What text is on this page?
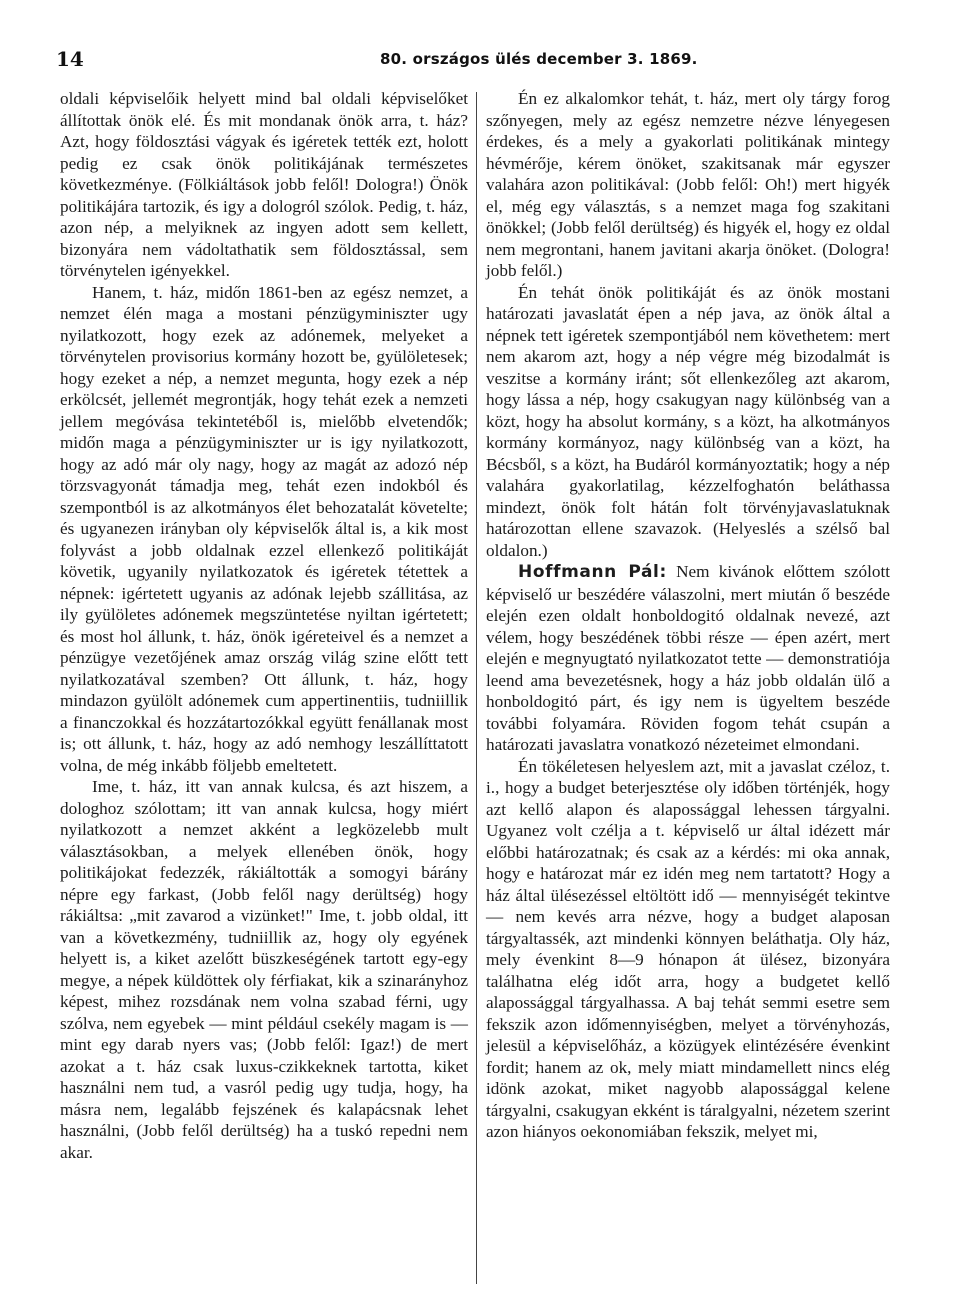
14	80. országos ülés december 3. 1869.

oldali képviselőik helyett mind bal oldali képviselőket állítottak önök elé. És mit mondanak önök arra, t. ház? Azt, hogy földosztási vágyak és igéretek tették ezt, holott pedig ez csak önök politikájának természetes következménye. (Fölkiáltások jobb felől! Dologra!) Önök politikájára tartozik, és igy a dologról szólok. Pedig, t. ház, azon nép, a melyiknek az ingyen adott sem kellett, bizonyára nem vádoltathatik sem földosztással, sem törvénytelen igényekkel.

Hanem, t. ház, midőn 1861-ben az egész nemzet, a nemzet élén maga a mostani pénzügyminiszter ugy nyilatkozott, hogy ezek az adónemek, melyeket a törvénytelen provisorius kormány hozott be, gyülöletesek; hogy ezeket a nép, a nemzet megunta, hogy ezek a nép erkölcsét, jellemét megrontják, hogy tehát ezek a nemzeti jellem megóvása tekintetéből is, mielőbb elvetendők; midőn maga a pénzügyminiszter ur is igy nyilatkozott, hogy az adó már oly nagy, hogy az magát az adozó nép törzsvagyonát támadja meg, tehát ezen indokból és szempontból is az alkotmányos élet behozatalát követelte; és ugyanezen irányban oly képviselők által is, a kik most folyvást a jobb oldalnak ezzel ellenkező politikáját követik, ugyanily nyilatkozatok és igéretek tétettek a népnek: igértetett ugyanis az adónak lejebb szállitása, az ily gyülöletes adónemek megszüntetése nyiltan igértetett; és most hol állunk, t. ház, önök igéreteivel és a nemzet a pénzügye vezetőjének amaz ország világ szine előtt tett nyilatkozatával szemben? Ott állunk, t. ház, hogy mindazon gyülölt adónemek cum appertinentiis, tudniillik a financzokkal és hozzátartozókkal együtt fenállanak most is; ott állunk, t. ház, hogy az adó nemhogy leszállíttatott volna, de még inkább följebb emeltetett.

Ime, t. ház, itt van annak kulcsa, és azt hiszem, a dologhoz szólottam; itt van annak kulcsa, hogy miért nyilatkozott a nemzet akként a legközelebb mult választásokban, a melyek ellenében önök, hogy politikájokat fedezzék, rákiáltották a somogyi bárány népre egy farkast, (Jobb felől nagy derültség) hogy rákiáltsa: „mit zavarod a vizünket!" Ime, t. jobb oldal, itt van a következmény, tudniillik az, hogy oly egyének helyett is, a kiket azelőtt büszkeségének tartott egy-egy megye, a népek küldöttek oly férfiakat, kik a szinarányhoz képest, mihez rozsdának nem volna szabad férni, ugy szólva, nem egyebek — mint például csekély magam is — mint egy darab nyers vas; (Jobb felől: Igaz!) de mert azokat a t. ház csak luxus-czikkeknek tartotta, kiket használni nem tud, a vasról pedig ugy tudja, hogy, ha másra nem, legalább fejszének és kalapácsnak lehet használni, (Jobb felől derültség) ha a tuskó repedni nem akar.

Én ez alkalomkor tehát, t. ház, mert oly tárgy forog szőnyegen, mely az egész nemzetre nézve lényegesen érdekes, és a mely a gyakorlati politikának mintegy hévmérője, kérem önöket, szakitsanak már egyszer valahára azon politikával: (Jobb felől: Oh!) mert higyék el, még egy választás, s a nemzet maga fog szakitani önökkel; (Jobb felől derültség) és higyék el, hogy ez oldal nem megrontani, hanem javitani akarja önöket. (Dologra! jobb felől.)

Én tehát önök politikáját és az önök mostani határozati javaslatát épen a nép java, az önök által a népnek tett igéretek szempontjából nem követhetem: mert nem akarom azt, hogy a nép végre még bizodalmát is veszitse a kormány iránt; sőt ellenkezőleg azt akarom, hogy lássa a nép, hogy csakugyan nagy különbség van a közt, hogy ha absolut kormány, s a közt, ha alkotmányos kormány kormányoz, nagy különbség van a közt, ha Bécsből, s a közt, ha Budáról kormányoztatik; hogy a nép valahára gyakorlatilag, kézzelfoghatón beláthassa mindezt, önök folt hátán folt törvényjavaslatuknak határozottan ellene szavazok. (Helyeslés a szélső bal oldalon.)

Hoffmann Pál: Nem kivánok előttem szólott képviselő ur beszédére válaszolni, mert miután ő beszéde elején ezen oldalt honboldogitó oldalnak nevezé, azt vélem, hogy beszédének többi része — épen azért, mert elején e megnyugtató nyilatkozatot tette — demonstratiója leend ama bevezetésnek, hogy a ház jobb oldalán ülő a honboldogitó párt, és igy nem is ügyeltem beszéde további folyamára. Röviden fogom tehát csupán a határozati javaslatra vonatkozó nézeteimet elmondani.

Én tökéletesen helyeslem azt, mit a javaslat czéloz, t. i., hogy a budget beterjesztése oly időben történjék, hogy azt kellő alapon és alapossággal lehessen tárgyalni. Ugyanez volt czélja a t. képviselő ur által idézett már előbbi határozatnak; és csak az a kérdés: mi oka annak, hogy e határozat már ez idén meg nem tartatott? Hogy a ház által ülésezéssel eltöltött idő — mennyiségét tekintve — nem kevés arra nézve, hogy a budget alaposan tárgyaltassék, azt mindenki könnyen beláthatja. Oly ház, mely évenkint 8—9 hónapon át ülésez, bizonyára találhatna elég időt arra, hogy a budgetet kellő alapossággal tárgyalhassa. A baj tehát semmi esetre sem fekszik azon időmennyiségben, melyet a törvényhozás, jelesül a képviselőház, a közügyek elintézésére évenkint fordit; hanem az ok, mely miatt mindamellett nincs elég idönk azokat, miket nagyobb alapossággal kelene tárgyalni, csakugyan ekként is táralgyalni, nézetem szerint azon hiányos oekonomiában fekszik, melyet mi,
